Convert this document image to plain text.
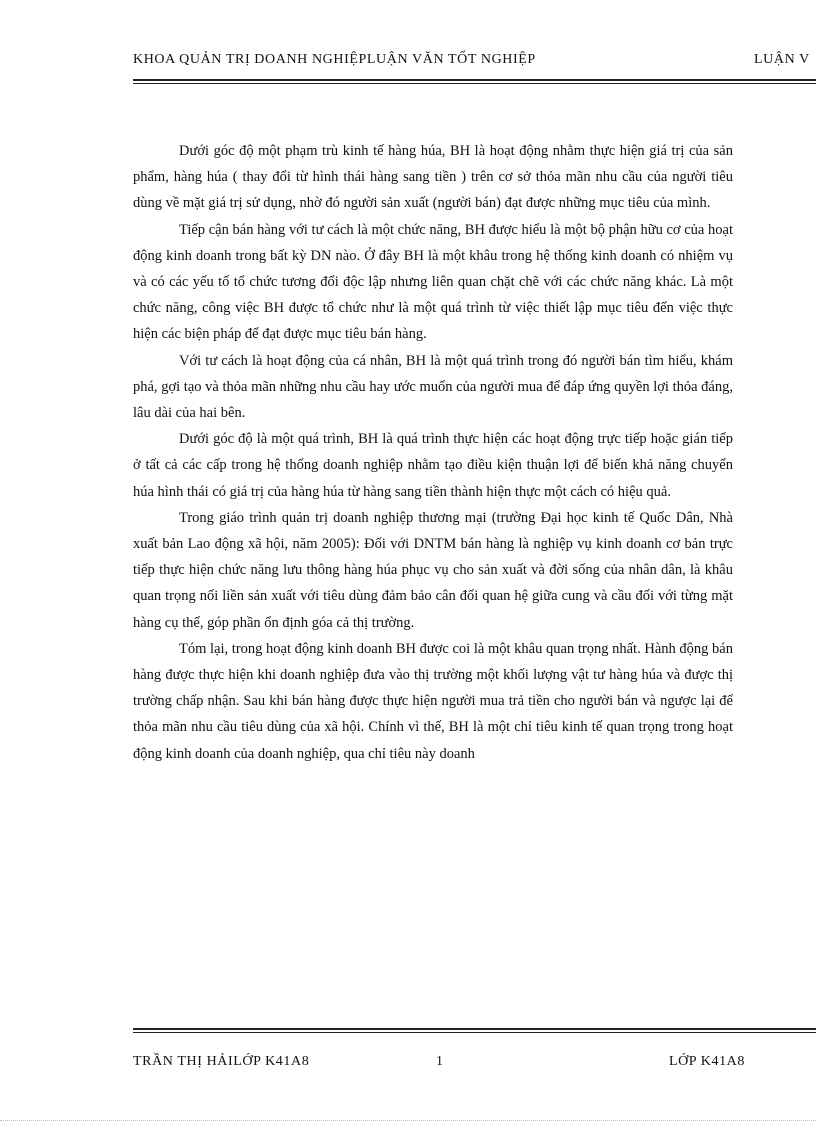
KHOA QUẢN TRỊ DOANH NGHIỆPLUẬN VĂN TỐT NGHIỆP	LUẬN V

Dưới góc độ một phạm trù kinh tế hàng húa, BH là hoạt động nhằm thực hiện giá trị của sản phẩm, hàng húa ( thay đổi từ hình thái hàng sang tiền ) trên cơ sở thỏa mãn nhu cầu của người tiêu dùng về mặt giá trị sử dụng, nhờ đó người sản xuất (người bán) đạt được những mục tiêu của mình.

Tiếp cận bán hàng với tư cách là một chức năng, BH được hiểu là một bộ phận hữu cơ của hoạt động kinh doanh trong bất kỳ DN nào. Ở đây BH là một khâu trong hệ thống kinh doanh có nhiệm vụ và có các yếu tố tổ chức tương đối độc lập nhưng liên quan chặt chẽ với các chức năng khác. Là một chức năng, công việc BH được tổ chức như là một quá trình từ việc thiết lập mục tiêu đến việc thực hiện các biện pháp để đạt được mục tiêu bán hàng.

Với tư cách là hoạt động của cá nhân, BH là một quá trình trong đó người bán tìm hiểu, khám phá, gợi tạo và thỏa mãn những nhu cầu hay ước muốn của người mua để đáp ứng quyền lợi thỏa đáng, lâu dài của hai bên.

Dưới góc độ là một quá trình, BH là quá trình thực hiện các hoạt động trực tiếp hoặc gián tiếp ở tất cả các cấp trong hệ thống doanh nghiệp nhằm tạo điều kiện thuận lợi để biến khả năng chuyển húa hình thái có giá trị của hàng húa từ hàng sang tiền thành hiện thực một cách có hiệu quả.

Trong giáo trình quản trị doanh nghiệp thương mại (trường Đại học kinh tế Quốc Dân, Nhà xuất bản Lao động xã hội, năm 2005): Đối với DNTM bán hàng là nghiệp vụ kinh doanh cơ bản trực tiếp thực hiện chức năng lưu thông hàng húa phục vụ cho sản xuất và đời sống của nhân dân, là khâu quan trọng nối liền sản xuất với tiêu dùng đảm bảo cân đối quan hệ giữa cung và cầu đối với từng mặt hàng cụ thể, góp phần ổn định góa cả thị trường.

Tóm lại, trong hoạt động kinh doanh BH được coi là một khâu quan trọng nhất. Hành động bán hàng được thực hiện khi doanh nghiệp đưa vào thị trường một khối lượng vật tư hàng húa và được thị trường chấp nhận. Sau khi bán hàng được thực hiện người mua trả tiền cho người bán và ngược lại để thỏa mãn nhu cầu tiêu dùng của xã hội. Chính vì thế, BH là một chỉ tiêu kinh tế quan trọng trong hoạt động kinh doanh của doanh nghiệp, qua chỉ tiêu này doanh

TRẦN THỊ HẢILỚP K41A8	1	LỚP K41A8
